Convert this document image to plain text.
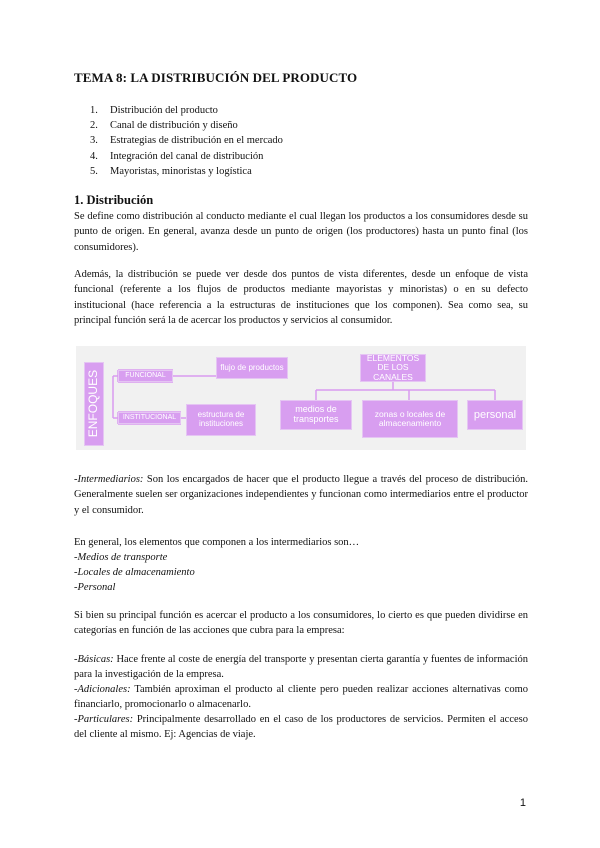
TEMA 8: LA DISTRIBUCIÓN DEL PRODUCTO
1.	Distribución del producto
2.	Canal de distribución y diseño
3.	Estrategias de distribución en el mercado
4.	Integración del canal de distribución
5.	Mayoristas, minoristas y logística
1. Distribución

Se define como distribución al conducto mediante el cual llegan los productos a los consumidores desde su punto de origen. En general, avanza desde un punto de origen (los productores) hasta un punto final (los consumidores).

Además, la distribución se puede ver desde dos puntos de vista diferentes, desde un enfoque de vista funcional (referente a los flujos de productos mediante mayoristas y minoristas) o en su defecto institucional (hace referencia a la estructuras de instituciones que los componen). Sea como sea, su principal función será la de acercar los productos y servicios al consumidor.

ENFOQUES	FUNCIONAL
INSTITUCIONAL
flujo de productos
estructura de instituciones
ELEMENTOS DE LOS CANALES
medios de transportes
zonas o locales de almacenamiento
personal

-Intermediarios: Son los encargados de hacer que el producto llegue a través del proceso de distribución. Generalmente suelen ser organizaciones independientes y funcionan como intermediarios entre el productor y el consumidor.

En general, los elementos que componen a los intermediarios son…

-Medios de transporte

-Locales de almacenamiento

-Personal

Si bien su principal función es acercar el producto a los consumidores, lo cierto es que pueden dividirse en categorías en función de las acciones que cubra para la empresa:

-Básicas: Hace frente al coste de energía del transporte y presentan cierta garantía y fuentes de información para la investigación de la empresa.

-Adicionales: También aproximan el producto al cliente pero pueden realizar acciones alternativas como financiarlo, promocionarlo o almacenarlo.

-Particulares: Principalmente desarrollado en el caso de los productores de servicios. Permiten el acceso del cliente al mismo. Ej: Agencias de viaje.

1
